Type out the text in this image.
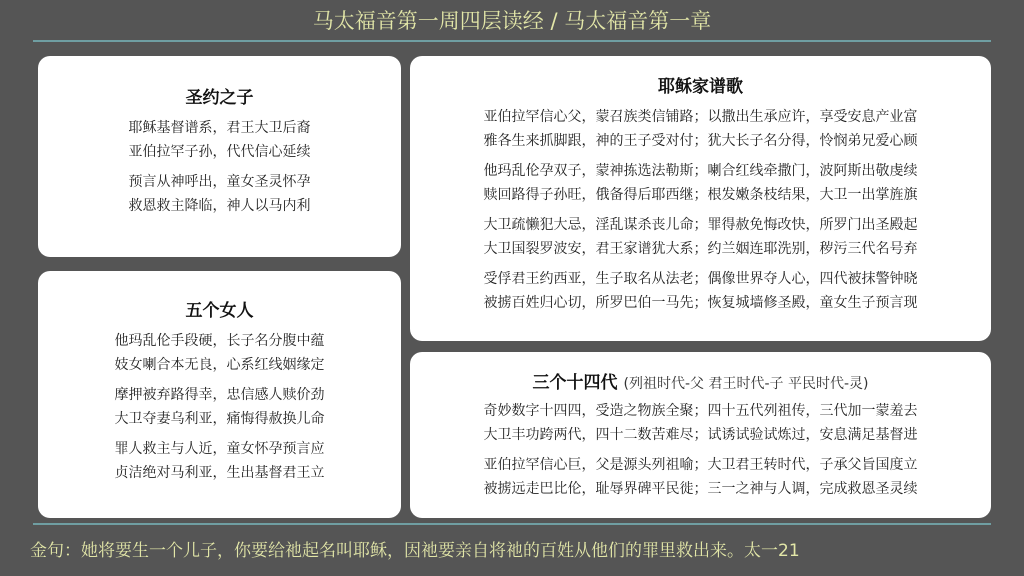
马太福音第一周四层读经 / 马太福音第一章
圣约之子
耶稣基督谱系，君王大卫后裔
亚伯拉罕子孙，代代信心延续
预言从神呼出，童女圣灵怀孕
救恩救主降临，神人以马内利
五个女人
他玛乱伦手段硬，长子名分腹中蕴
妓女喇合本无良，心系红线姻缘定
摩押被弃路得幸，忠信感人赎价劲
大卫夺妻乌利亚，痛悔得赦换儿命
罪人救主与人近，童女怀孕预言应
贞洁绝对马利亚，生出基督君王立
耶稣家谱歌
亚伯拉罕信心父，蒙召族类信铺路；以撒出生承应许，享受安息产业富
雅各生来抓脚跟，神的王子受对付；犹大长子名分得，怜悯弟兄爱心顾
他玛乱伦孕双子，蒙神拣选法勒斯；喇合红线牵撒门，波阿斯出敬虔续
赎回路得子孙旺，俄备得后耶西继；根发嫩条枝结果，大卫一出掌旌旗
大卫疏懒犯大忌，淫乱谋杀丧儿命；罪得赦免悔改快，所罗门出圣殿起
大卫国裂罗波安，君王家谱犹大系；约兰姻连耶洗别，秽污三代名号弃
受俘君王约西亚，生子取名从法老；偶像世界夺人心，四代被抹警钟晓
被掳百姓归心切，所罗巴伯一马先；恢复城墙修圣殿，童女生子预言现
三个十四代 (列祖时代-父 君王时代-子 平民时代-灵)
奇妙数字十四四，受造之物族全聚；四十五代列祖传，三代加一蒙羞去
大卫丰功跨两代，四十二数苦难尽；试诱试验试炼过，安息满足基督进
亚伯拉罕信心巨，父是源头列祖喻；大卫君王转时代，子承父旨国度立
被掳远走巴比伦，耻辱界碑平民徙；三一之神与人调，完成救恩圣灵续
金句：她将要生一个儿子，你要给祂起名叫耶稣，因祂要亲自将祂的百姓从他们的罪里救出来。太一21
